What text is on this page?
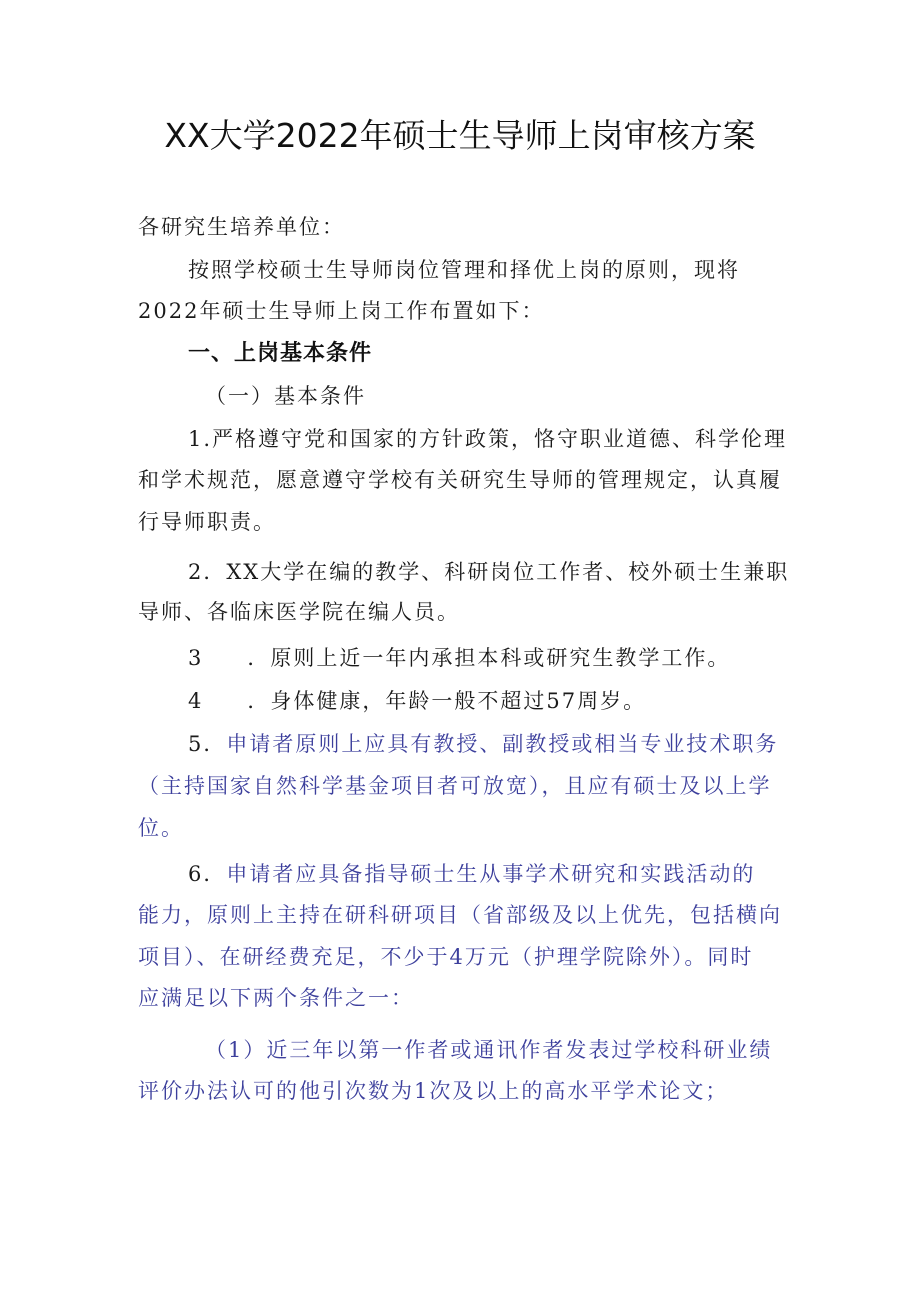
XX大学2022年硕士生导师上岗审核方案
各研究生培养单位：
按照学校硕士生导师岗位管理和择优上岗的原则，现将
2022年硕士生导师上岗工作布置如下：
一、上岗基本条件
（一）基本条件
1.严格遵守党和国家的方针政策，恪守职业道德、科学伦理
和学术规范，愿意遵守学校有关研究生导师的管理规定，认真履
行导师职责。
2．XX大学在编的教学、科研岗位工作者、校外硕士生兼职
导师、各临床医学院在编人员。
3 ．原则上近一年内承担本科或研究生教学工作。
4 ．身体健康，年龄一般不超过57周岁。
5．申请者原则上应具有教授、副教授或相当专业技术职务
（主持国家自然科学基金项目者可放宽），且应有硕士及以上学
位。
6．申请者应具备指导硕士生从事学术研究和实践活动的
能力，原则上主持在研科研项目（省部级及以上优先，包括横向
项目）、在研经费充足，不少于4万元（护理学院除外）。同时
应满足以下两个条件之一：
（1）近三年以第一作者或通讯作者发表过学校科研业绩
评价办法认可的他引次数为1次及以上的高水平学术论文；
